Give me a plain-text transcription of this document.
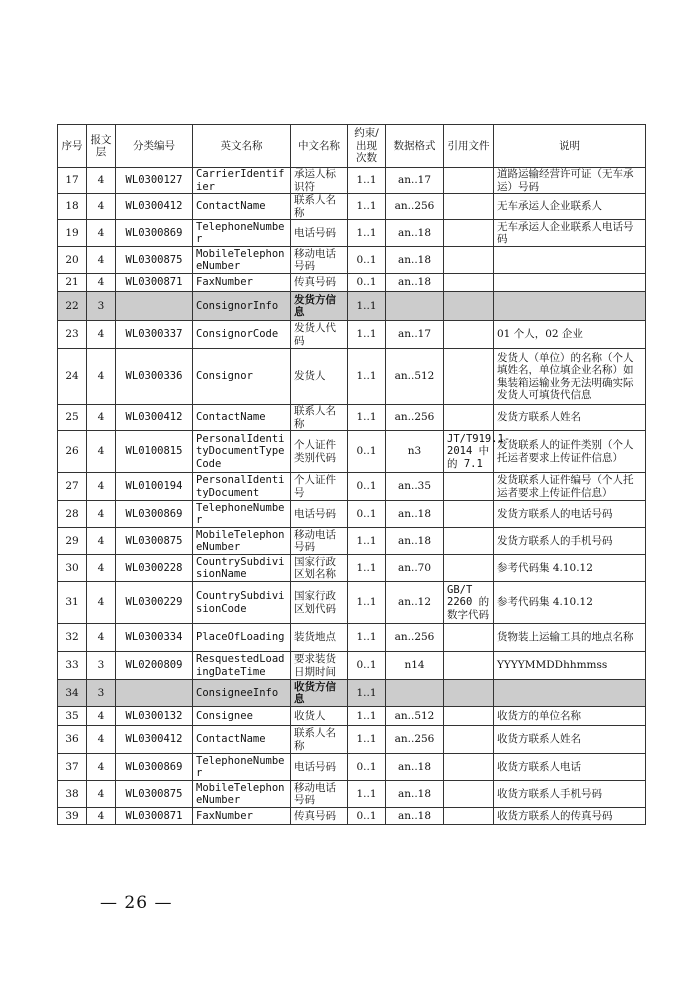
序号	报文层	分类编号	英文名称	中文名称	约束/出现次数	数据格式	引用文件	说明
17	4	WL0300127	CarrierIdentifier	承运人标识符	1..1	an..17		道路运输经营许可证（无车承运）号码
18	4	WL0300412	ContactName	联系人名称	1..1	an..256		无车承运人企业联系人
19	4	WL0300869	TelephoneNumber	电话号码	1..1	an..18		无车承运人企业联系人电话号码
20	4	WL0300875	MobileTelephoneNumber	移动电话号码	0..1	an..18		
21	4	WL0300871	FaxNumber	传真号码	0..1	an..18		
22	3		ConsignorInfo	发货方信息	1..1			
23	4	WL0300337	ConsignorCode	发货人代码	1..1	an..17		01 个人，02 企业
24	4	WL0300336	Consignor	发货人	1..1	an..512		发货人（单位）的名称（个人填姓名，单位填企业名称）如集装箱运输业务无法明确实际发货人可填货代信息
25	4	WL0300412	ContactName	联系人名称	1..1	an..256		发货方联系人姓名
26	4	WL0100815	PersonalIdentityDocumentTypeCode	个人证件类别代码	0..1	n3	JT/T919.1-2014 中的 7.1	发货联系人的证件类别（个人托运者要求上传证件信息）
27	4	WL0100194	PersonalIdentityDocument	个人证件号	0..1	an..35		发货联系人证件编号（个人托运者要求上传证件信息）
28	4	WL0300869	TelephoneNumber	电话号码	0..1	an..18		发货方联系人的电话号码
29	4	WL0300875	MobileTelephoneNumber	移动电话号码	1..1	an..18		发货方联系人的手机号码
30	4	WL0300228	CountrySubdivisionName	国家行政区划名称	1..1	an..70		参考代码集 4.10.12
31	4	WL0300229	CountrySubdivisionCode	国家行政区划代码	1..1	an..12	GB/T 2260 的数字代码	参考代码集 4.10.12
32	4	WL0300334	PlaceOfLoading	装货地点	1..1	an..256		货物装上运输工具的地点名称
33	3	WL0200809	ResquestedLoadingDateTime	要求装货日期时间	0..1	n14		YYYYMMDDhhmmss
34	3		ConsigneeInfo	收货方信息	1..1			
35	4	WL0300132	Consignee	收货人	1..1	an..512		收货方的单位名称
36	4	WL0300412	ContactName	联系人名称	1..1	an..256		收货方联系人姓名
37	4	WL0300869	TelephoneNumber	电话号码	0..1	an..18		收货方联系人电话
38	4	WL0300875	MobileTelephoneNumber	移动电话号码	1..1	an..18		收货方联系人手机号码
39	4	WL0300871	FaxNumber	传真号码	0..1	an..18		收货方联系人的传真号码
— 26 —
